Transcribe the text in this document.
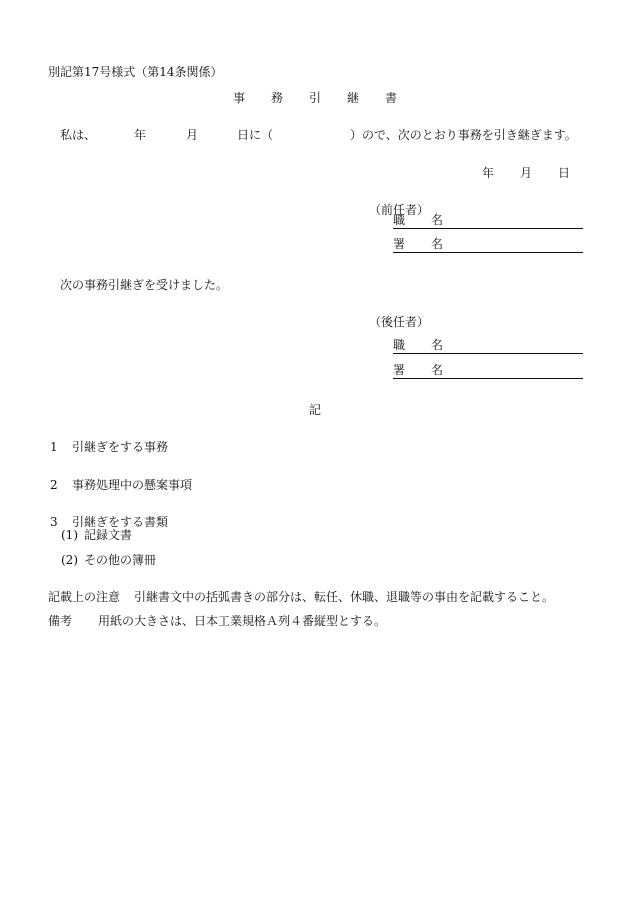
別記第17号様式（第14条関係）
事 務 引 継 書
私は、	年	月	日に（	）ので、次のとおり事務を引き継ぎます。
年 月 日
（前任者）
職 名
署 名
次の事務引継ぎを受けました。
（後任者）
職 名
署 名
記
1 引継ぎをする事務
2 事務処理中の懸案事項
3 引継ぎをする書類
(1) 記録文書
(2) その他の簿冊
記載上の注意 引継書文中の括弧書きの部分は、転任、休職、退職等の事由を記載すること。
備考 用紙の大きさは、日本工業規格Ａ列４番縦型とする。
